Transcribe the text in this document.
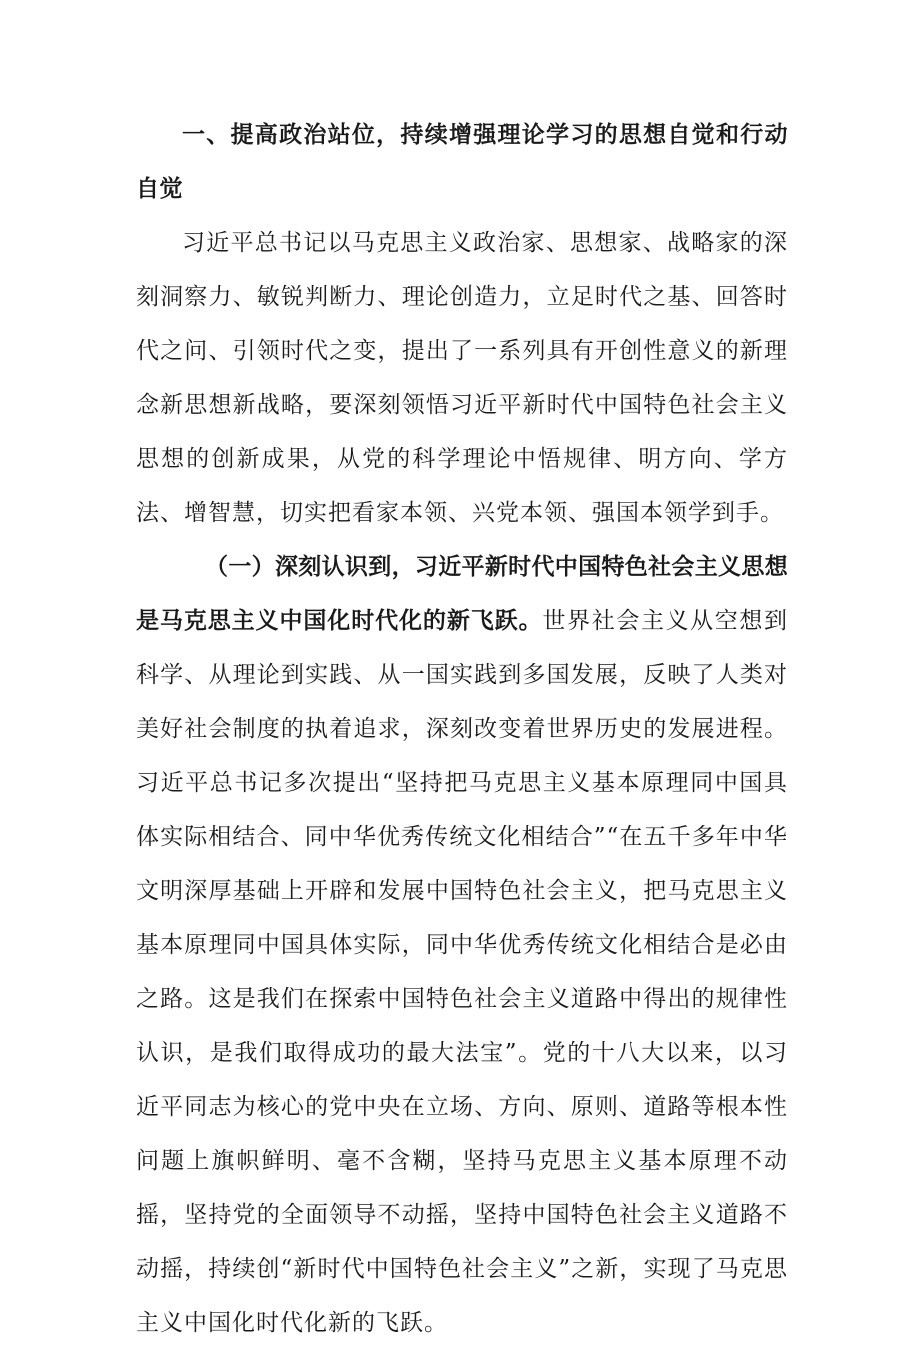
一、提高政治站位，持续增强理论学习的思想自觉和行动自觉

习近平总书记以马克思主义政治家、思想家、战略家的深刻洞察力、敏锐判断力、理论创造力，立足时代之基、回答时代之问、引领时代之变，提出了一系列具有开创性意义的新理念新思想新战略，要深刻领悟习近平新时代中国特色社会主义思想的创新成果，从党的科学理论中悟规律、明方向、学方法、增智慧，切实把看家本领、兴党本领、强国本领学到手。

（一）深刻认识到，习近平新时代中国特色社会主义思想是马克思主义中国化时代化的新飞跃。世界社会主义从空想到科学、从理论到实践、从一国实践到多国发展，反映了人类对美好社会制度的执着追求，深刻改变着世界历史的发展进程。习近平总书记多次提出“坚持把马克思主义基本原理同中国具体实际相结合、同中华优秀传统文化相结合”“在五千多年中华文明深厚基础上开辟和发展中国特色社会主义，把马克思主义基本原理同中国具体实际，同中华优秀传统文化相结合是必由之路。这是我们在探索中国特色社会主义道路中得出的规律性认识，是我们取得成功的最大法宝”。党的十八大以来，以习近平同志为核心的党中央在立场、方向、原则、道路等根本性问题上旗帜鲜明、毫不含糊，坚持马克思主义基本原理不动摇，坚持党的全面领导不动摇，坚持中国特色社会主义道路不动摇，持续创“新时代中国特色社会主义”之新，实现了马克思主义中国化时代化新的飞跃。
